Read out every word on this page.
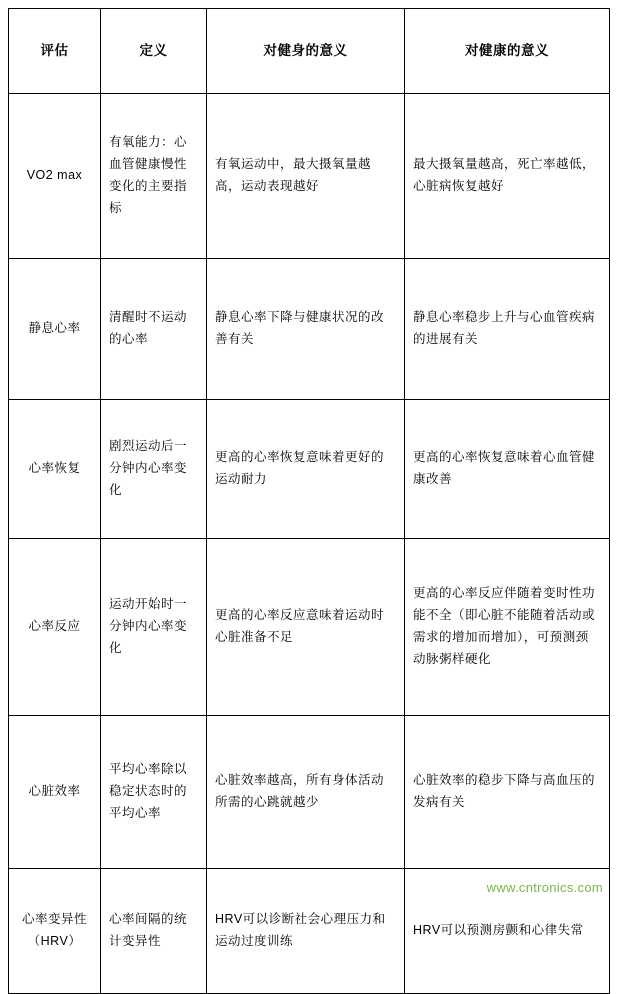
评估	定义	对健身的意义	对健康的意义
VO2 max	有氧能力：心血管健康慢性变化的主要指标	有氧运动中，最大摄氧量越高，运动表现越好	最大摄氧量越高，死亡率越低，心脏病恢复越好
静息心率	清醒时不运动的心率	静息心率下降与健康状况的改善有关	静息心率稳步上升与心血管疾病的进展有关
心率恢复	剧烈运动后一分钟内心率变化	更高的心率恢复意味着更好的运动耐力	更高的心率恢复意味着心血管健康改善
心率反应	运动开始时一分钟内心率变化	更高的心率反应意味着运动时心脏准备不足	更高的心率反应伴随着变时性功能不全（即心脏不能随着活动或需求的增加而增加），可预测颈动脉粥样硬化
心脏效率	平均心率除以稳定状态时的平均心率	心脏效率越高，所有身体活动所需的心跳就越少	心脏效率的稳步下降与高血压的发病有关
心率变异性（HRV）	心率间隔的统计变异性	HRV可以诊断社会心理压力和运动过度训练	HRV可以预测房颤和心律失常
www.cntronics.com
